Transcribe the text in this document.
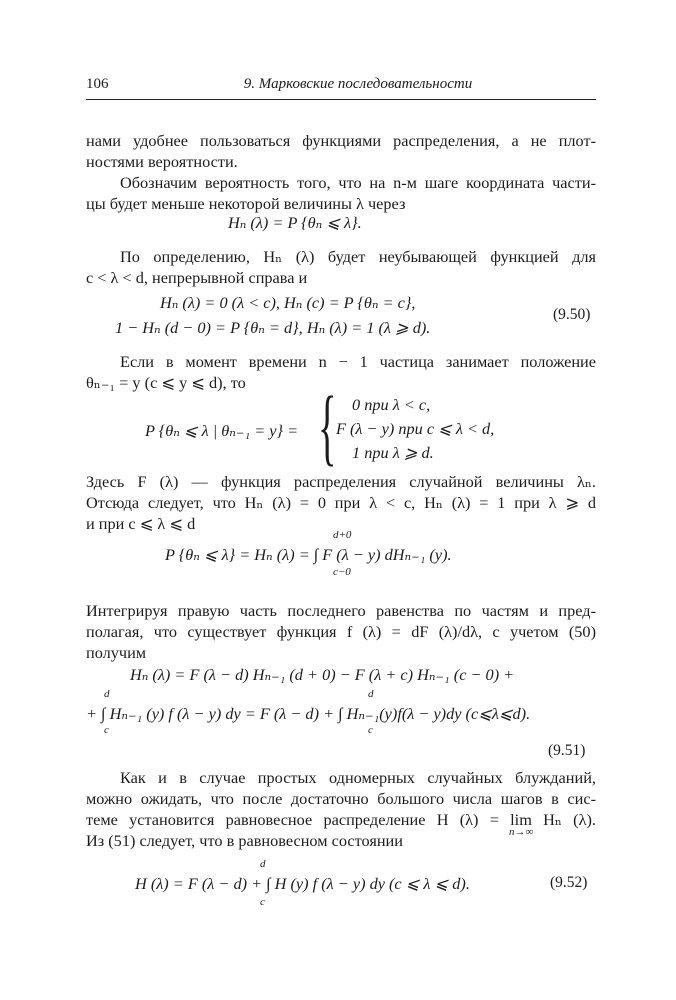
106	9. Марковские последовательности
нами удобнее пользоваться функциями распределения, а не плот-
ностями вероятности.
Обозначим вероятность того, что на n-м шаге координата части-
цы будет меньше некоторой величины λ через
Hₙ (λ) = P {θₙ ⩽ λ}.
По определению, Hₙ (λ) будет неубывающей функцией для
c < λ < d, непрерывной справа и
Hₙ (λ) = 0 (λ < c), Hₙ (c) = P {θₙ = c},
1 − Hₙ (d − 0) = P {θₙ = d}, Hₙ (λ) = 1 (λ ⩾ d).
(9.50)
Если в момент времени n − 1 частица занимает положение
θₙ₋₁ = y (c ⩽ y ⩽ d), то
P {θₙ ⩽ λ | θₙ₋₁ = y} = { 0 при λ < c,
F (λ − y) при c ⩽ λ < d,
1 при λ ⩾ d.
Здесь F (λ) — функция распределения случайной величины λₙ.
Отсюда следует, что Hₙ (λ) = 0 при λ < c, Hₙ (λ) = 1 при λ ⩾ d
и при c ⩽ λ ⩽ d
d+0
P {θₙ ⩽ λ} = Hₙ (λ) = ∫ F (λ − y) dHₙ₋₁ (y).
c−0
Интегрируя правую часть последнего равенства по частям и пред-
полагая, что существует функция f (λ) = dF (λ)/dλ, с учетом (50)
получим
Hₙ (λ) = F (λ − d) Hₙ₋₁ (d + 0) − F (λ + c) Hₙ₋₁ (c − 0) +
d	d
+ ∫ Hₙ₋₁ (y) f (λ − y) dy = F (λ − d) + ∫ Hₙ₋₁(y)f(λ − y)dy (c⩽λ⩽d).
c	c
(9.51)
Как и в случае простых одномерных случайных блужданий,
можно ожидать, что после достаточно большого числа шагов в сис-
теме установится равновесное распределение H (λ) = lim Hₙ (λ).
n→∞
Из (51) следует, что в равновесном состоянии
d
H (λ) = F (λ − d) + ∫ H (y) f (λ − y) dy (c ⩽ λ ⩽ d).
c
(9.52)
